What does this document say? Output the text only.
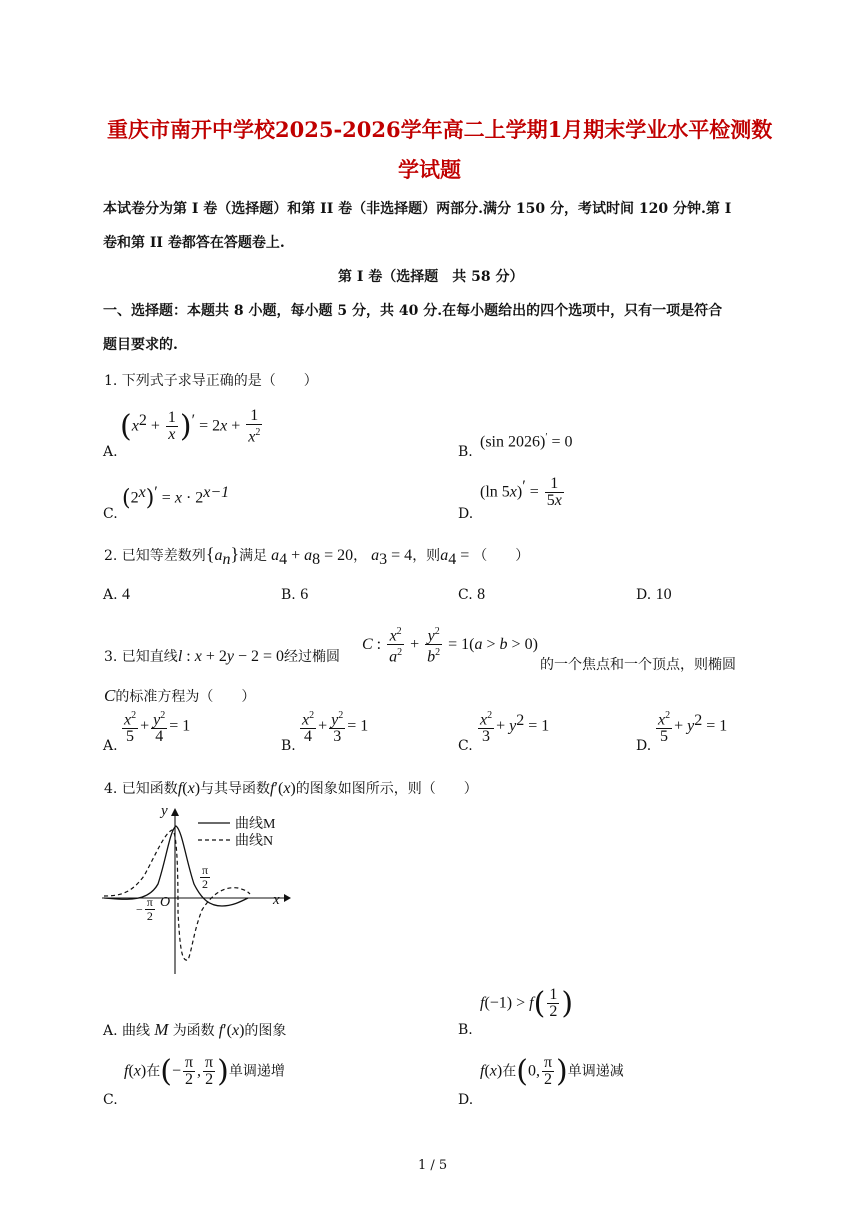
重庆市南开中学校2025-2026学年高二上学期1月期末学业水平检测数
学试题
本试卷分为第 I 卷（选择题）和第 II 卷（非选择题）两部分.满分 150 分，考试时间 120 分钟.第 I
卷和第 II 卷都答在答题卷上.
第 I 卷（选择题　共 58 分）
一、选择题：本题共 8 小题，每小题 5 分，共 40 分.在每小题给出的四个选项中，只有一项是符合
题目要求的.
1. 下列式子求导正确的是（　　）
A.
$(x^2 + \frac{1}{x} )' = 2x + \frac{1}{x^2}$
B.
(sin 2026)′ = 0
C.
$(2^x)' = x \cdot 2^{x-1}$
D.
(ln $5x)' = \frac{1}{5x}$
2. 已知等差数列$\{a_n\}$满足 $a_4 + a_8 = 20$， $a_3 = 4$，则$a_4$ = （　　）
A. 4	B. 6	C. 8	D. 10
3. 已知直线l : x + 2y − 2 = 0经过椭圆
C : $\frac{x^2}{a^2} + \frac{y^2}{b^2} = 1(a > b > 0)$
的一个焦点和一个顶点，则椭圆
C的标准方程为（　　）
A.
$\frac{x^2}{5} + \frac{y^2}{4} = 1$
B.
$\frac{x^2}{4} + \frac{y^2}{3} = 1$
C.
$\frac{x^2}{3} + y^2 = 1$
D.
$\frac{x^2}{5} + y^2 = 1$
4. 已知函数f(x)与其导函数f′(x)的图象如图所示，则（　　）
曲线M
曲线N
y
x
O
$\frac{\pi}{2}$
− $\frac{\pi}{2}$
A. 曲线 M 为函数 f′(x)的图象	B.
$f(-1) > f( \frac{1}{2}$ )
C.
f(x)在(− $\frac{\pi}{2}$ , $\frac{\pi}{2}$ )单调递增
D.
f(x)在(0, $\frac{\pi}{2}$ )单调递减
1 / 5
